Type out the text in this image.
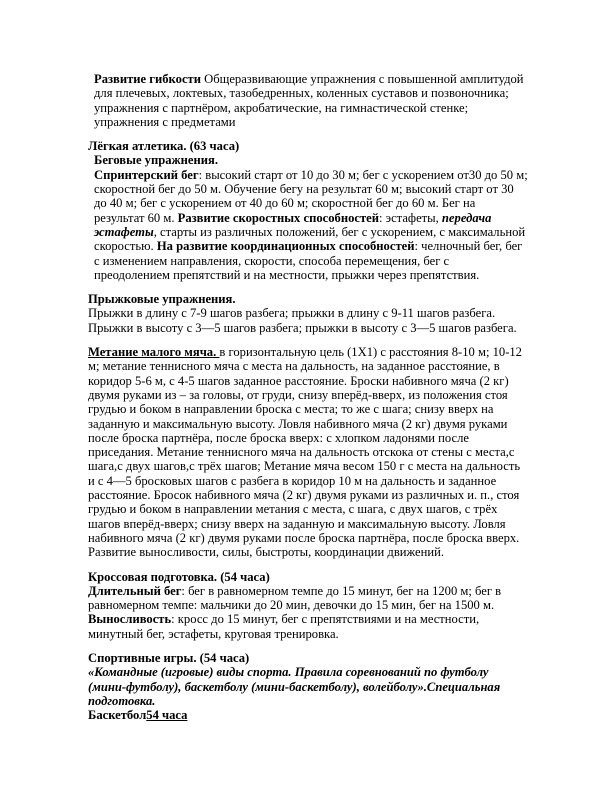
Развитие гибкости Общеразвивающие упражнения с повышенной амплитудой для плечевых, локтевых, тазобедренных, коленных суставов и позвоночника; упражнения с партнёром, акробатические, на гимнастической стенке; упражнения с предметами

Лёгкая атлетика. (63 часа)

Беговые упражнения.

Спринтерский бег: высокий старт от 10 до 30 м; бег с ускорением от30 до 50 м; скоростной бег до 50 м. Обучение бегу на результат 60 м; высокий старт от 30 до 40 м; бег с ускорением от 40 до 60 м; скоростной бег до 60 м. Бег на результат 60 м. Развитие скоростных способностей: эстафеты, передача эстафеты, старты из различных положений, бег с ускорением, с максимальной скоростью. На развитие координационных способностей: челночный бег, бег с изменением направления, скорости, способа перемещения, бег с преодолением препятствий и на местности, прыжки через препятствия.

Прыжковые упражнения.

Прыжки в длину с 7-9 шагов разбега; прыжки в длину с 9-11 шагов разбега. Прыжки в высоту с 3—5 шагов разбега; прыжки в высоту с 3—5 шагов разбега.

Метание малого мяча. в горизонтальную цель (1Х1) с расстояния 8-10 м; 10-12 м; метание теннисного мяча с места на дальность, на заданное расстояние, в коридор 5-6 м, с 4-5 шагов заданное расстояние. Броски набивного мяча (2 кг) двумя руками из – за головы, от груди, снизу вперёд-вверх, из положения стоя грудью и боком в направлении броска с места; то же с шага; снизу вверх на заданную и максимальную высоту. Ловля набивного мяча (2 кг) двумя руками после броска партнёра, после броска вверх: с хлопком ладонями после приседания. Метание теннисного мяча на дальность отскока от стены с места,с шага,с двух шагов,с трёх шагов; Метание мяча весом 150 г с места на дальность и с 4—5 бросковых шагов с разбега в коридор 10 м на дальность и заданное расстояние. Бросок набивного мяча (2 кг) двумя руками из различных и. п., стоя грудью и боком в направлении метания с места, с шага, с двух шагов, с трёх шагов вперёд-вверх; снизу вверх на заданную и максимальную высоту. Ловля набивного мяча (2 кг) двумя руками после броска партнёра, после броска вверх.

Развитие выносливости, силы, быстроты, координации движений.

Кроссовая подготовка. (54 часа)

Длительный бег: бег в равномерном темпе до 15 минут, бег на 1200 м; бег в равномерном темпе: мальчики до 20 мин, девочки до 15 мин, бег на 1500 м. Выносливость: кросс до 15 минут, бег с препятствиями и на местности, минутный бег, эстафеты, круговая тренировка.

Спортивные игры. (54 часа)

«Командные (игровые) виды спорта. Правила соревнований по футболу (мини-футболу), баскетболу (мини-баскетболу), волейболу».Специальная подготовка.

Баскетбол54 часа
